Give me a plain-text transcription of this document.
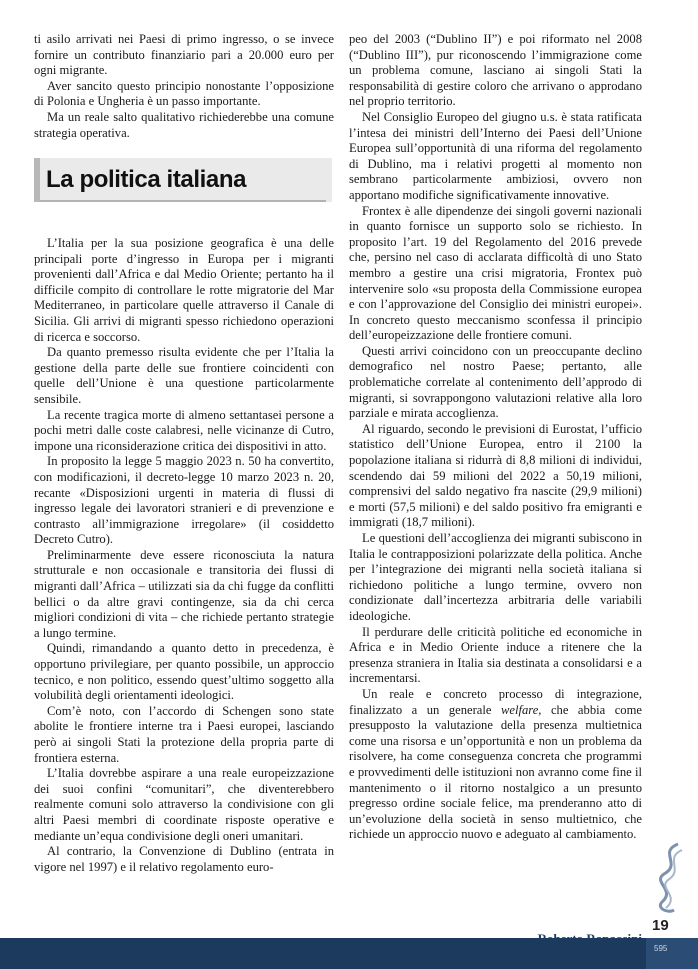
ti asilo arrivati nei Paesi di primo ingresso, o se invece fornire un contributo finanziario pari a 20.000 euro per ogni migrante.

Aver sancito questo principio nonostante l’opposizione di Polonia e Ungheria è un passo importante.

Ma un reale salto qualitativo richiederebbe una comune strategia operativa.

La politica italiana

L’Italia per la sua posizione geografica è una delle principali porte d’ingresso in Europa per i migranti provenienti dall’Africa e dal Medio Oriente; pertanto ha il difficile compito di controllare le rotte migratorie del Mar Mediterraneo, in particolare quelle attraverso il Canale di Sicilia. Gli arrivi di migranti spesso richiedono operazioni di ricerca e soccorso.

Da quanto premesso risulta evidente che per l’Italia la gestione della parte delle sue frontiere coincidenti con quelle dell’Unione è una questione particolarmente sensibile.

La recente tragica morte di almeno settantasei persone a pochi metri dalle coste calabresi, nelle vicinanze di Cutro, impone una riconsiderazione critica dei dispositivi in atto.

In proposito la legge 5 maggio 2023 n. 50 ha convertito, con modificazioni, il decreto-legge 10 marzo 2023 n. 20, recante «Disposizioni urgenti in materia di flussi di ingresso legale dei lavoratori stranieri e di prevenzione e contrasto all’immigrazione irregolare» (il cosiddetto Decreto Cutro).

Preliminarmente deve essere riconosciuta la natura strutturale e non occasionale e transitoria dei flussi di migranti dall’Africa – utilizzati sia da chi fugge da conflitti bellici o da altre gravi contingenze, sia da chi cerca migliori condizioni di vita – che richiede pertanto strategie a lungo termine.

Quindi, rimandando a quanto detto in precedenza, è opportuno privilegiare, per quanto possibile, un approccio tecnico, e non politico, essendo quest’ultimo soggetto alla volubilità degli orientamenti ideologici.

Com’è noto, con l’accordo di Schengen sono state abolite le frontiere interne tra i Paesi europei, lasciando però ai singoli Stati la protezione della propria parte di frontiera esterna.

L’Italia dovrebbe aspirare a una reale europeizzazione dei suoi confini “comunitari”, che diventerebbero realmente comuni solo attraverso la condivisione con gli altri Paesi membri di coordinate risposte operative e mediante un’equa condivisione degli oneri umanitari.

Al contrario, la Convenzione di Dublino (entrata in vigore nel 1997) e il relativo regolamento euro-

peo del 2003 (“Dublino II”) e poi riformato nel 2008 (“Dublino III”), pur riconoscendo l’immigrazione come un problema comune, lasciano ai singoli Stati la responsabilità di gestire coloro che arrivano o approdano nel proprio territorio.

Nel Consiglio Europeo del giugno u.s. è stata ratificata l’intesa dei ministri dell’Interno dei Paesi dell’Unione Europea sull’opportunità di una riforma del regolamento di Dublino, ma i relativi progetti al momento non sembrano particolarmente ambiziosi, ovvero non apportano modifiche significativamente innovative.

Frontex è alle dipendenze dei singoli governi nazionali in quanto fornisce un supporto solo se richiesto. In proposito l’art. 19 del Regolamento del 2016 prevede che, persino nel caso di acclarata difficoltà di uno Stato membro a gestire una crisi migratoria, Frontex può intervenire solo «su proposta della Commissione europea e con l’approvazione del Consiglio dei ministri europei». In concreto questo meccanismo sconfessa il principio dell’europeizzazione delle frontiere comuni.

Questi arrivi coincidono con un preoccupante declino demografico nel nostro Paese; pertanto, alle problematiche correlate al contenimento dell’approdo di migranti, si sovrappongono valutazioni relative alla loro parziale e mirata accoglienza.

Al riguardo, secondo le previsioni di Eurostat, l’ufficio statistico dell’Unione Europea, entro il 2100 la popolazione italiana si ridurrà di 8,8 milioni di individui, scendendo dai 59 milioni del 2022 a 50,19 milioni, comprensivi del saldo negativo fra nascite (29,9 milioni) e morti (57,5 milioni) e del saldo positivo fra emigranti e immigrati (18,7 milioni).

Le questioni dell’accoglienza dei migranti subiscono in Italia le contrapposizioni polarizzate della politica. Anche per l’integrazione dei migranti nella società italiana si richiedono politiche a lungo termine, ovvero non condizionate dall’incertezza arbitraria delle variabili ideologiche.

Il perdurare delle criticità politiche ed economiche in Africa e in Medio Oriente induce a ritenere che la presenza straniera in Italia sia destinata a consolidarsi e a incrementarsi.

Un reale e concreto processo di integrazione, finalizzato a un generale welfare, che abbia come presupposto la valutazione della presenza multietnica come una risorsa e un’opportunità e non un problema da risolvere, ha come conseguenza concreta che programmi e provvedimenti delle istituzioni non avranno come fine il mantenimento o il ritorno nostalgico a un presunto pregresso ordine sociale felice, ma prenderanno atto di un’evoluzione della società in senso multietnico, che richiede un approccio nuovo e adeguato al cambiamento.

19
595
